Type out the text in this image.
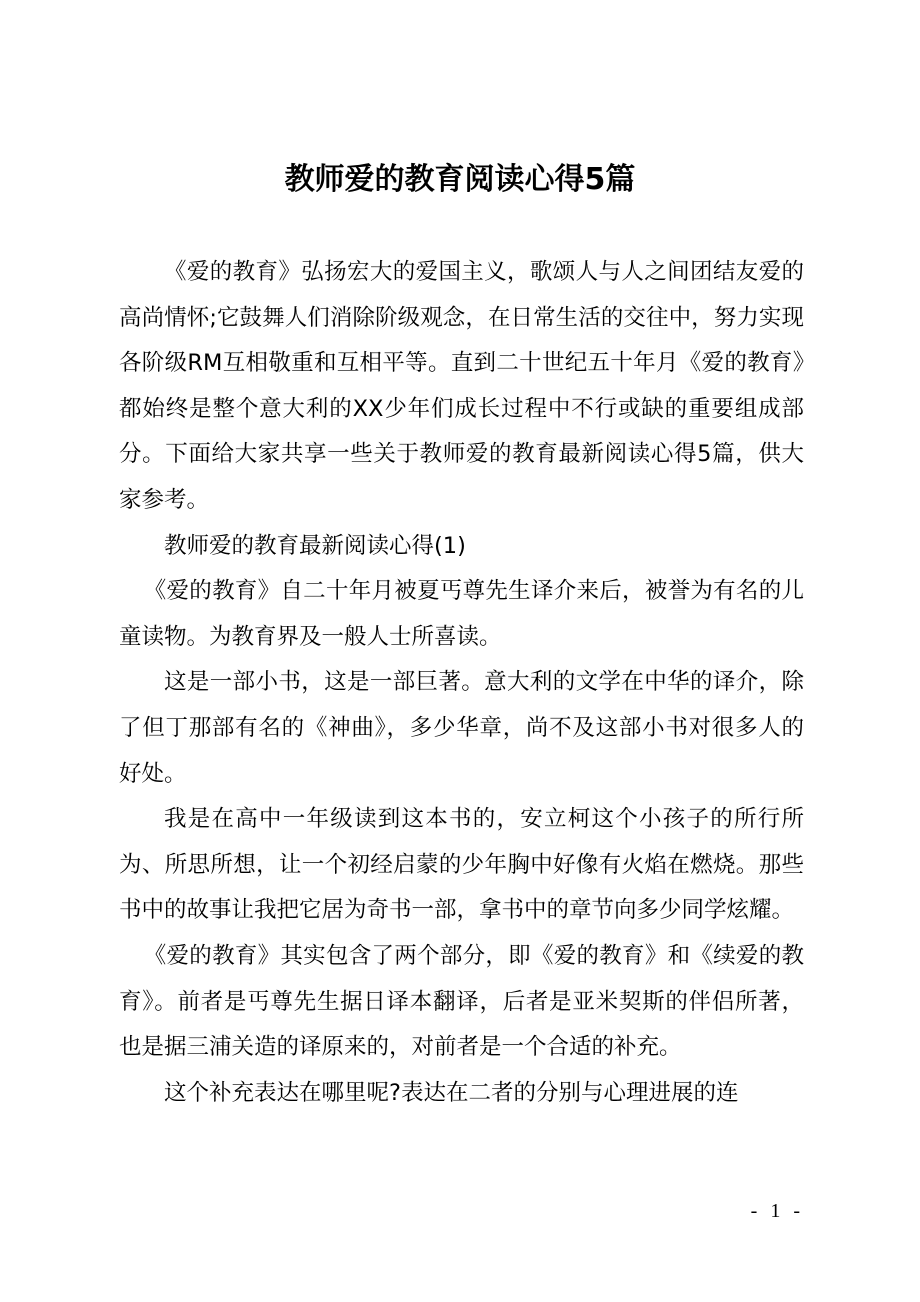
教师爱的教育阅读心得5篇

《爱的教育》弘扬宏大的爱国主义，歌颂人与人之间团结友爱的高尚情怀;它鼓舞人们消除阶级观念，在日常生活的交往中，努力实现各阶级RM互相敬重和互相平等。直到二十世纪五十年月《爱的教育》都始终是整个意大利的XX少年们成长过程中不行或缺的重要组成部分。下面给大家共享一些关于教师爱的教育最新阅读心得5篇，供大家参考。

教师爱的教育最新阅读心得(1)

《爱的教育》自二十年月被夏丐尊先生译介来后，被誉为有名的儿童读物。为教育界及一般人士所喜读。

这是一部小书，这是一部巨著。意大利的文学在中华的译介，除了但丁那部有名的《神曲》，多少华章，尚不及这部小书对很多人的好处。

我是在高中一年级读到这本书的，安立柯这个小孩子的所行所为、所思所想，让一个初经启蒙的少年胸中好像有火焰在燃烧。那些书中的故事让我把它居为奇书一部，拿书中的章节向多少同学炫耀。

《爱的教育》其实包含了两个部分，即《爱的教育》和《续爱的教育》。前者是丐尊先生据日译本翻译，后者是亚米契斯的伴侣所著，也是据三浦关造的译原来的，对前者是一个合适的补充。

这个补充表达在哪里呢?表达在二者的分别与心理进展的连

- 1 -
